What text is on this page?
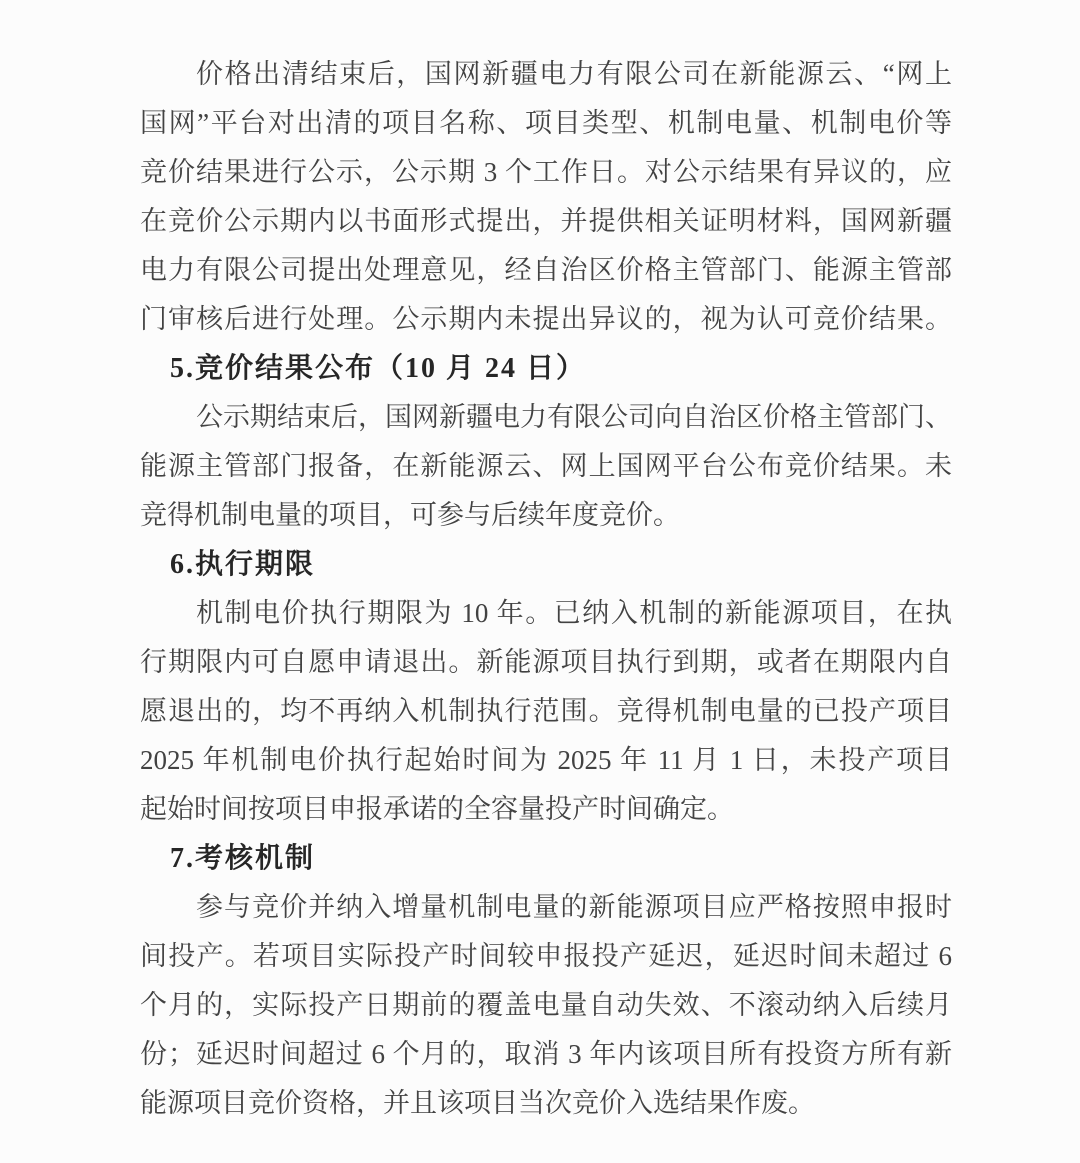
价格出清结束后，国网新疆电力有限公司在新能源云、“网上
国网”平台对出清的项目名称、项目类型、机制电量、机制电价等
竞价结果进行公示，公示期 3 个工作日。对公示结果有异议的，应
在竞价公示期内以书面形式提出，并提供相关证明材料，国网新疆
电力有限公司提出处理意见，经自治区价格主管部门、能源主管部
门审核后进行处理。公示期内未提出异议的，视为认可竞价结果。
5.竞价结果公布（10 月 24 日）
公示期结束后，国网新疆电力有限公司向自治区价格主管部门、
能源主管部门报备，在新能源云、网上国网平台公布竞价结果。未
竞得机制电量的项目，可参与后续年度竞价。
6.执行期限
机制电价执行期限为 10 年。已纳入机制的新能源项目，在执
行期限内可自愿申请退出。新能源项目执行到期，或者在期限内自
愿退出的，均不再纳入机制执行范围。竞得机制电量的已投产项目
2025 年机制电价执行起始时间为 2025 年 11 月 1 日，未投产项目
起始时间按项目申报承诺的全容量投产时间确定。
7.考核机制
参与竞价并纳入增量机制电量的新能源项目应严格按照申报时
间投产。若项目实际投产时间较申报投产延迟，延迟时间未超过 6
个月的，实际投产日期前的覆盖电量自动失效、不滚动纳入后续月
份；延迟时间超过 6 个月的，取消 3 年内该项目所有投资方所有新
能源项目竞价资格，并且该项目当次竞价入选结果作废。
